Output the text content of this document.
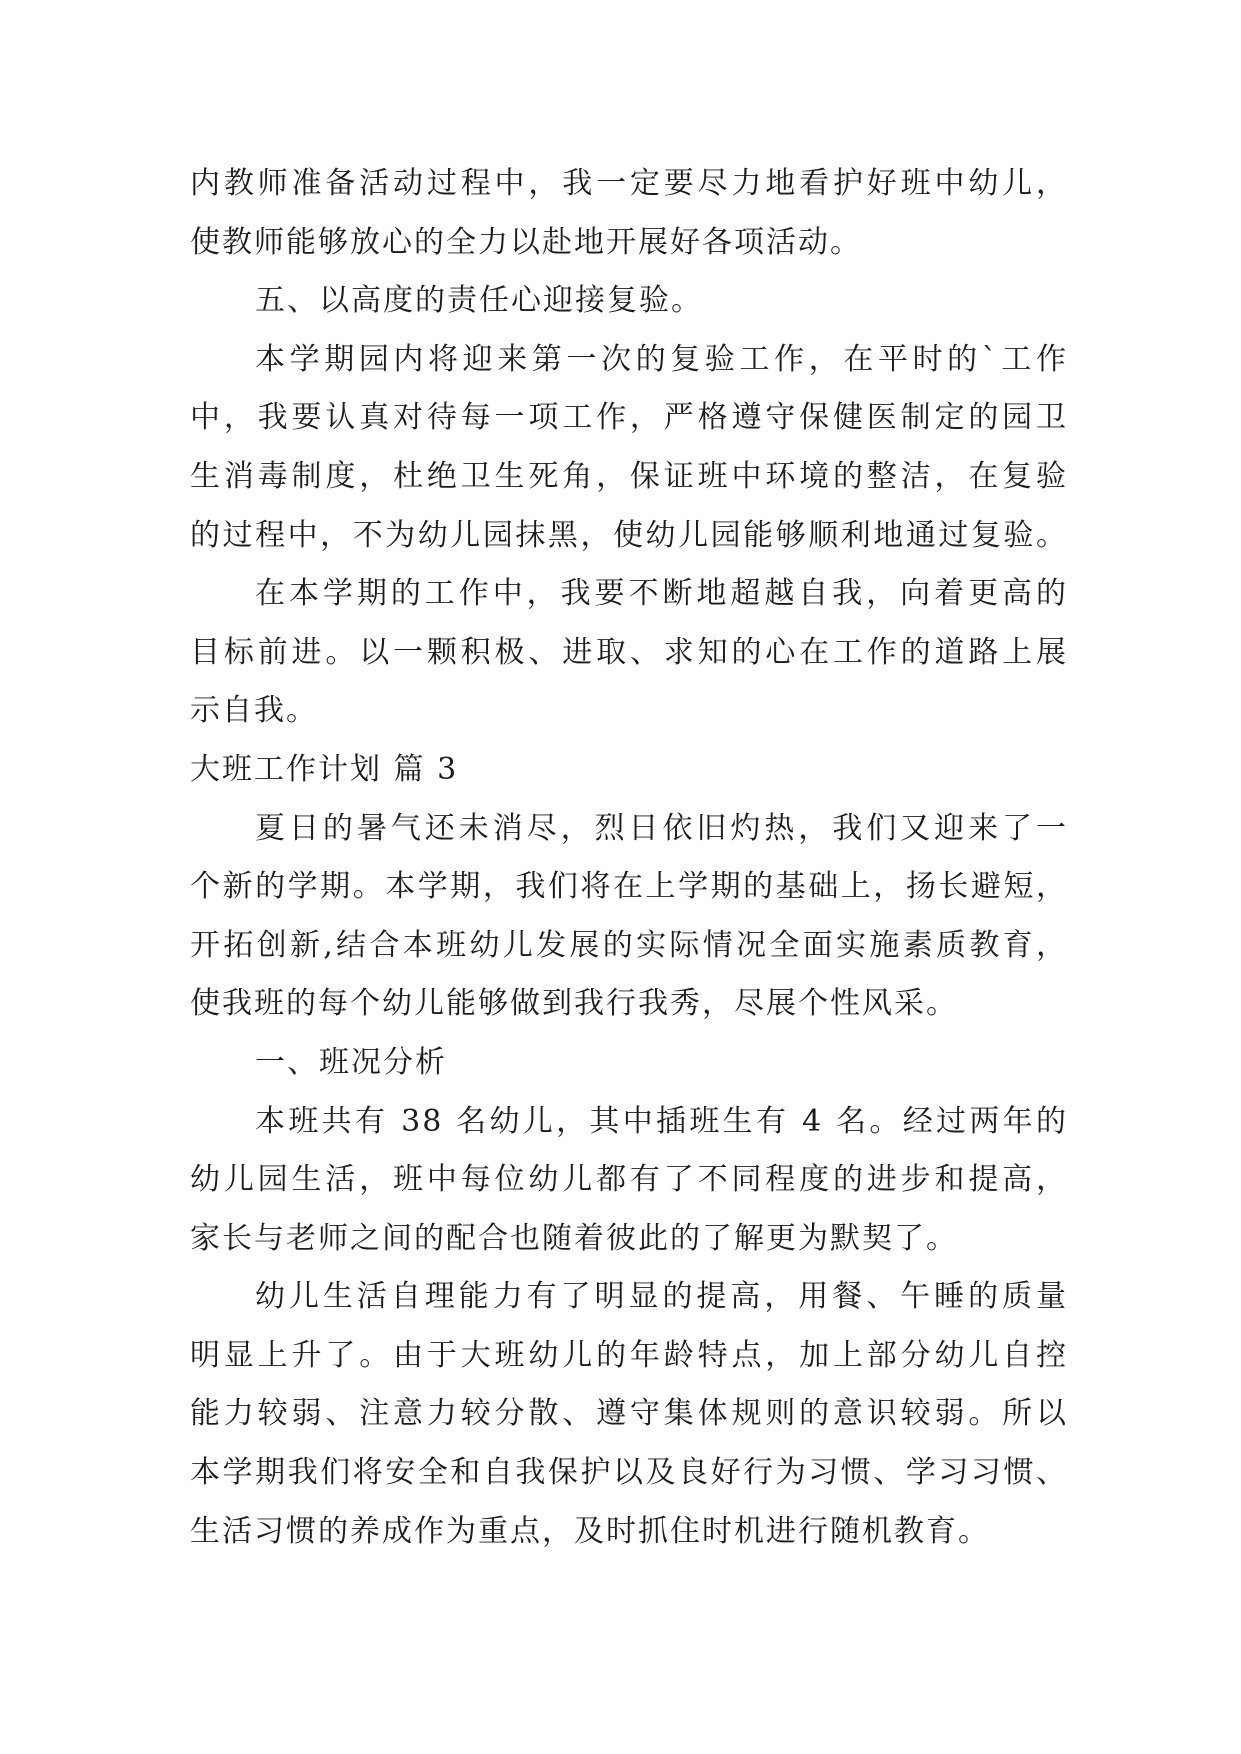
内教师准备活动过程中，我一定要尽力地看护好班中幼儿，
使教师能够放心的全力以赴地开展好各项活动。
五、以高度的责任心迎接复验。
本学期园内将迎来第一次的复验工作，在平时的`工作
中，我要认真对待每一项工作，严格遵守保健医制定的园卫
生消毒制度，杜绝卫生死角，保证班中环境的整洁，在复验
的过程中，不为幼儿园抹黑，使幼儿园能够顺利地通过复验。
在本学期的工作中，我要不断地超越自我，向着更高的
目标前进。以一颗积极、进取、求知的心在工作的道路上展
示自我。
大班工作计划 篇 3
夏日的暑气还未消尽，烈日依旧灼热，我们又迎来了一
个新的学期。本学期，我们将在上学期的基础上，扬长避短，
开拓创新,结合本班幼儿发展的实际情况全面实施素质教育，
使我班的每个幼儿能够做到我行我秀，尽展个性风采。
一、班况分析
本班共有 38 名幼儿，其中插班生有 4 名。经过两年的
幼儿园生活，班中每位幼儿都有了不同程度的进步和提高，
家长与老师之间的配合也随着彼此的了解更为默契了。
幼儿生活自理能力有了明显的提高，用餐、午睡的质量
明显上升了。由于大班幼儿的年龄特点，加上部分幼儿自控
能力较弱、注意力较分散、遵守集体规则的意识较弱。所以
本学期我们将安全和自我保护以及良好行为习惯、学习习惯、
生活习惯的养成作为重点，及时抓住时机进行随机教育。
